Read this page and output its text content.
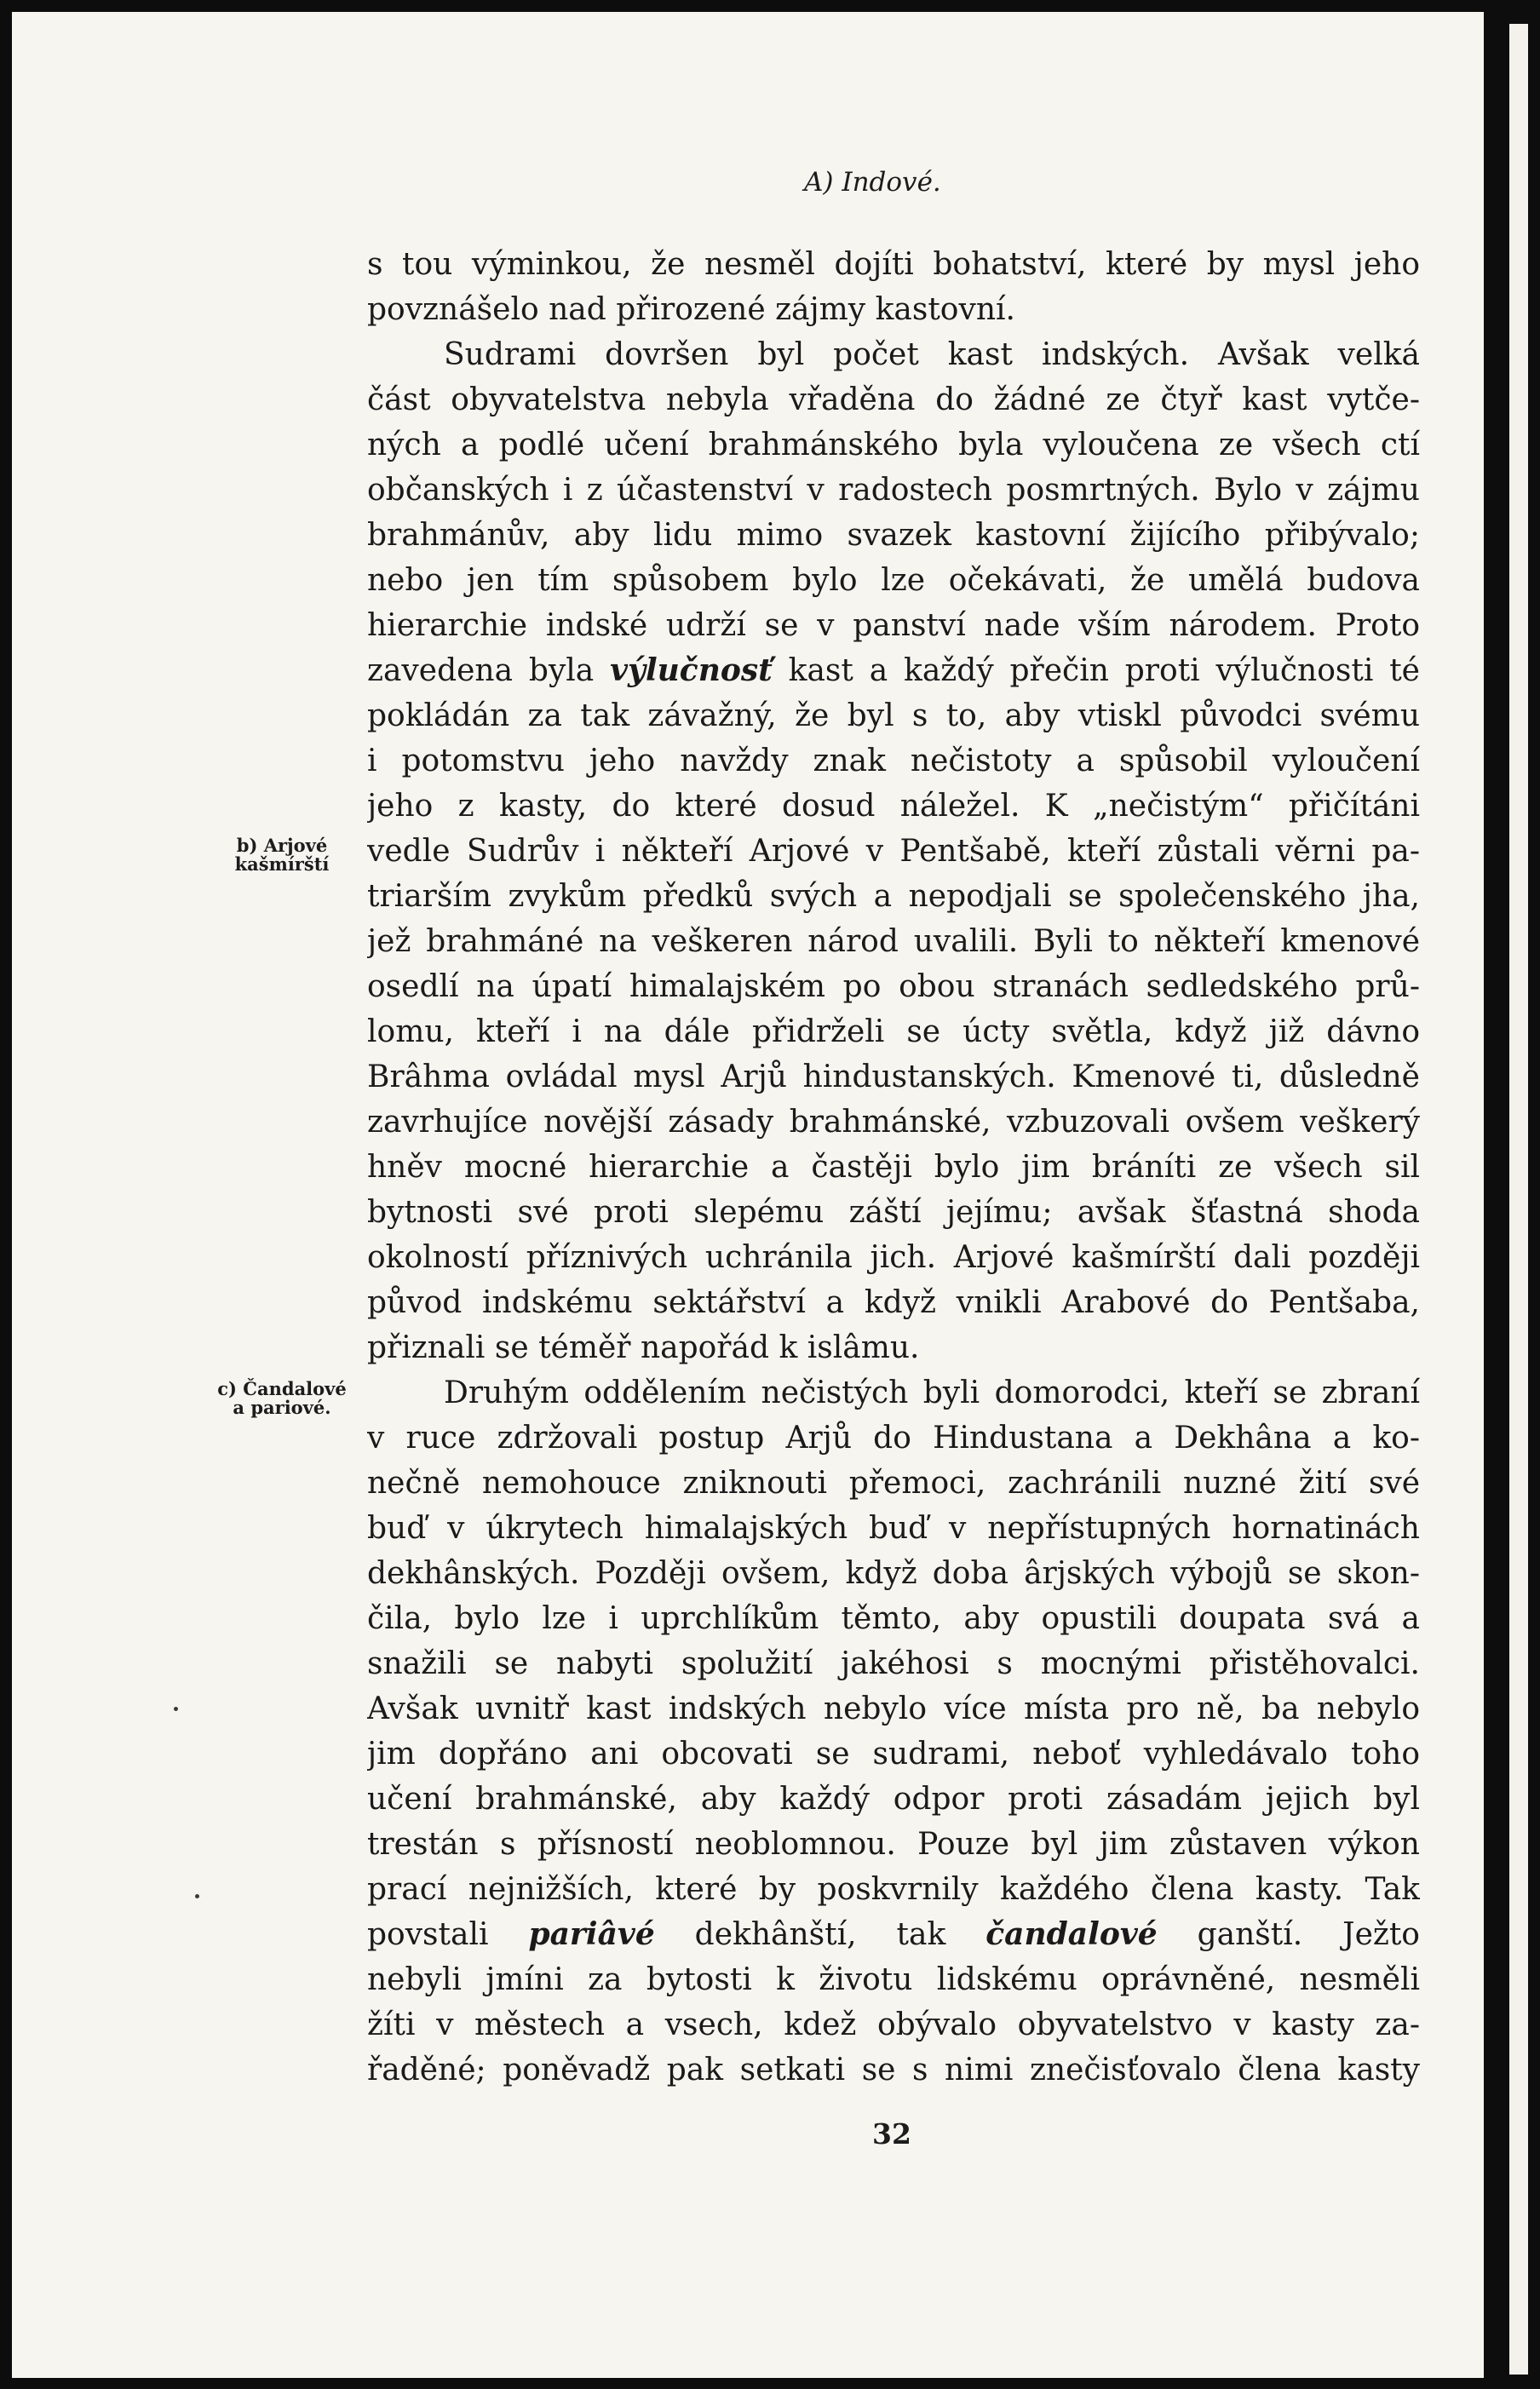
A) Indové.
s tou výminkou, že nesměl dojíti bohatství, které by mysl jeho
povznášelo nad přirozené zájmy kastovní.
Sudrami dovršen byl počet kast indských. Avšak velká
část obyvatelstva nebyla vřaděna do žádné ze čtyř kast vytče-
ných a podlé učení brahmánského byla vyloučena ze všech ctí
občanských i z účastenství v radostech posmrtných. Bylo v zájmu
brahmánův, aby lidu mimo svazek kastovní žijícího přibývalo;
nebo jen tím spůsobem bylo lze očekávati, že umělá budova
hierarchie indské udrží se v panství nade vším národem. Proto
zavedena byla výlučnosť kast a každý přečin proti výlučnosti té
pokládán za tak závažný, že byl s to, aby vtiskl původci svému
i potomstvu jeho navždy znak nečistoty a spůsobil vyloučení
jeho z kasty, do které dosud náležel. K „nečistým“ přičítáni
vedle Sudrův i někteří Arjové v Pentšabě, kteří zůstali věrni pa-
triarším zvykům předků svých a nepodjali se společenského jha,
jež brahmáné na veškeren národ uvalili. Byli to někteří kmenové
osedlí na úpatí himalajském po obou stranách sedledského prů-
lomu, kteří i na dále přidrželi se úcty světla, když již dávno
Brâhma ovládal mysl Arjů hindustanských. Kmenové ti, důsledně
zavrhujíce novější zásady brahmánské, vzbuzovali ovšem veškerý
hněv mocné hierarchie a častěji bylo jim bráníti ze všech sil
bytnosti své proti slepému záští jejímu; avšak šťastná shoda
okolností příznivých uchránila jich. Arjové kašmírští dali později
původ indskému sektářství a když vnikli Arabové do Pentšaba,
přiznali se téměř napořád k islâmu.
Druhým oddělením nečistých byli domorodci, kteří se zbraní
v ruce zdržovali postup Arjů do Hindustana a Dekhâna a ko-
nečně nemohouce zniknouti přemoci, zachránili nuzné žití své
buď v úkrytech himalajských buď v nepřístupných hornatinách
dekhânských. Později ovšem, když doba ârjských výbojů se skon-
čila, bylo lze i uprchlíkům těmto, aby opustili doupata svá a
snažili se nabyti spolužití jakéhosi s mocnými přistěhovalci.
Avšak uvnitř kast indských nebylo více místa pro ně, ba nebylo
jim dopřáno ani obcovati se sudrami, neboť vyhledávalo toho
učení brahmánské, aby každý odpor proti zásadám jejich byl
trestán s přísností neoblomnou. Pouze byl jim zůstaven výkon
prací nejnižších, které by poskvrnily každého člena kasty. Tak
povstali pariâvé dekhânští, tak čandalové ganští. Ježto
nebyli jmíni za bytosti k životu lidskému oprávněné, nesměli
žíti v městech a vsech, kdež obývalo obyvatelstvo v kasty za-
řaděné; poněvadž pak setkati se s nimi znečisťovalo člena kasty
b) Arjové
kašmírští
c) Čandalové
a pariové.
32
